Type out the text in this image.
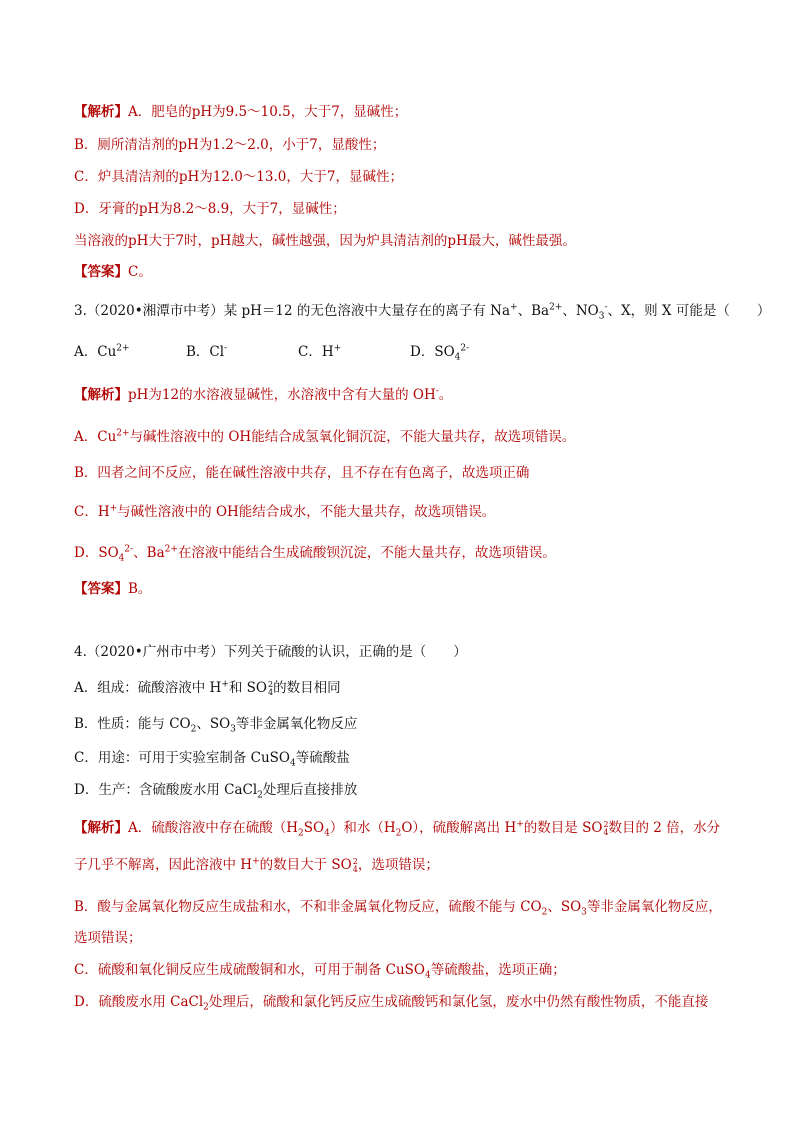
【解析】A．肥皂的pH为9.5～10.5，大于7，显碱性；
B．厕所清洁剂的pH为1.2～2.0，小于7，显酸性；
C．炉具清洁剂的pH为12.0～13.0，大于7，显碱性；
D．牙膏的pH为8.2～8.9，大于7，显碱性；
当溶液的pH大于7时，pH越大，碱性越强，因为炉具清洁剂的pH最大，碱性最强。
【答案】C。
3.（2020•湘潭市中考）某 pH＝12 的无色溶液中大量存在的离子有 Na+、$Ba^{2+}$、$NO_3^-$、X，则 X 可能是（　　）
A．$Cu^{2+}$	B．Cl-	C．H+	D．$SO_4^{2-}$
【解析】pH为12的水溶液显碱性，水溶液中含有大量的 OH-。
A．$Cu^{2+}$与碱性溶液中的 OH能结合成氢氧化铜沉淀，不能大量共存，故选项错误。
B．四者之间不反应，能在碱性溶液中共存，且不存在有色离子，故选项正确
C．H+与碱性溶液中的 OH能结合成水，不能大量共存，故选项错误。
D．$SO_4^{2-}$、$Ba^{2+}$在溶液中能结合生成硫酸钡沉淀，不能大量共存，故选项错误。
【答案】B。
4.（2020•广州市中考）下列关于硫酸的认识，正确的是（　　）
A．组成：硫酸溶液中 H+和 SO 2
4 的数目相同
B．性质：能与 $CO_2$、$SO_3$等非金属氧化物反应
C．用途：可用于实验室制备 CuSO$_4$等硫酸盐
D．生产：含硫酸废水用 CaCl$_2$处理后直接排放
【解析】A．硫酸溶液中存在硫酸$(H_2SO_4)$和水$(H_2O)$，硫酸解离出 H+的数目是 SO 2
4 数目的 2 倍，水分
子几乎不解离，因此溶液中 H+的数目大于 SO 2
4 ，选项错误；
B．酸与金属氧化物反应生成盐和水，不和非金属氧化物反应，硫酸不能与 $CO_2$、$SO_3$等非金属氧化物反应，
选项错误；
C．硫酸和氧化铜反应生成硫酸铜和水，可用于制备 CuSO$_4$等硫酸盐，选项正确；
D．硫酸废水用 CaCl$_2$处理后，硫酸和氯化钙反应生成硫酸钙和氯化氢，废水中仍然有酸性物质，不能直接
